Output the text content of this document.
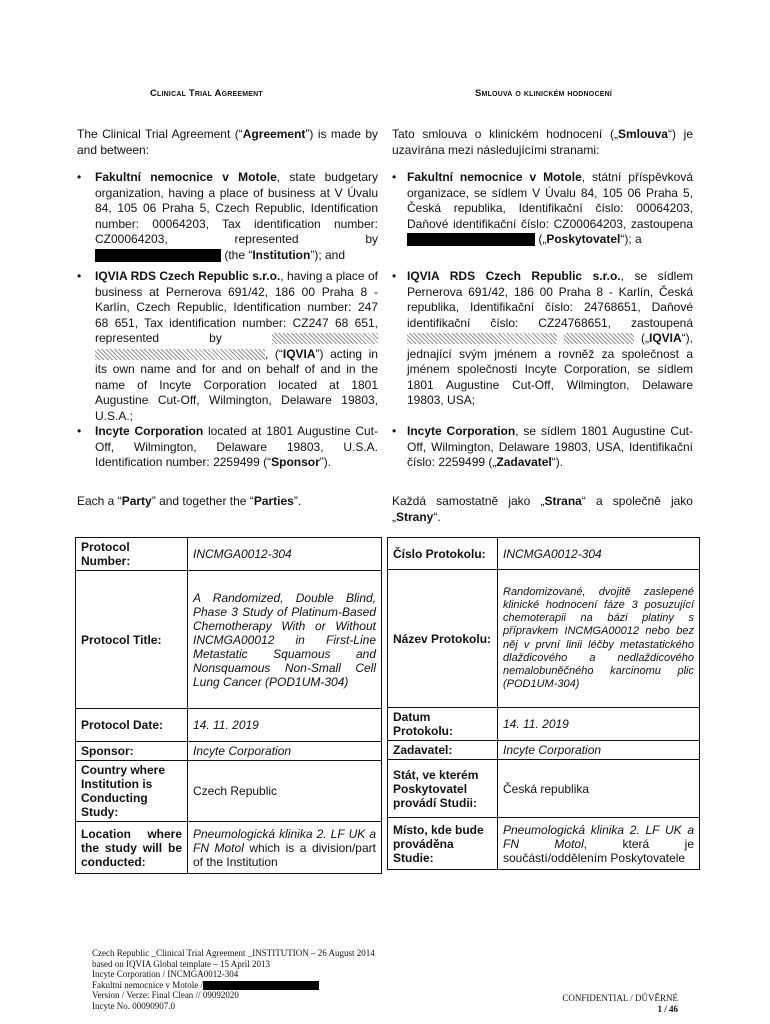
Clinical Trial Agreement	Smlouva o klinickém hodnocení
The Clinical Trial Agreement (“Agreement”) is made by and between:
Tato smlouva o klinickém hodnocení („Smlouva“) je uzavírána mezi následujícími stranami:
• Fakultní nemocnice v Motole, state budgetary organization, having a place of business at V Úvalu 84, 105 06 Praha 5, Czech Republic, Identification number: 00064203, Tax identification number: CZ00064203, represented by  (the “Institution”); and
• IQVIA RDS Czech Republic s.r.o., having a place of business at Pernerova 691/42, 186 00 Praha 8 - Karlín, Czech Republic, Identification number: 247 68 651, Tax identification number: CZ247 68 651, represented by  , (“IQVIA”) acting in its own name and for and on behalf of and in the name of Incyte Corporation located at 1801 Augustine Cut-Off, Wilmington, Delaware 19803, U.S.A.;
• Incyte Corporation located at 1801 Augustine Cut-Off, Wilmington, Delaware 19803, U.S.A. Identification number: 2259499 (“Sponsor”).
• Fakultní nemocnice v Motole, státní příspěvková organizace, se sídlem V Úvalu 84, 105 06 Praha 5, Česká republika, Identifikační číslo: 00064203, Daňové identifikační číslo: CZ00064203, zastoupena  („Poskytovatel“); a
• IQVIA RDS Czech Republic s.r.o., se sídlem Pernerova 691/42, 186 00 Praha 8 - Karlín, Česká republika, Identifikační číslo: 24768651, Daňové identifikační číslo: CZ24768651, zastoupená   („IQVIA“), jednající svým jménem a rovněž za společnost a jménem společnosti Incyte Corporation, se sídlem 1801 Augustine Cut-Off, Wilmington, Delaware 19803, USA;
• Incyte Corporation, se sídlem 1801 Augustine Cut-Off, Wilmington, Delaware 19803, USA, Identifikační číslo: 2259499 („Zadavatel“).
Each a “Party” and together the “Parties”.	Každá samostatně jako „Strana“ a společně jako „Strany“.
Protocol Number:	INCMGA0012-304
Protocol Title:	A Randomized, Double Blind, Phase 3 Study of Platinum-Based Chemotherapy With or Without INCMGA00012 in First-Line Metastatic Squamous and Nonsquamous Non-Small Cell Lung Cancer (POD1UM-304)
Protocol Date:	14. 11. 2019
Sponsor:	Incyte Corporation
Country where Institution is Conducting Study:	Czech Republic
Location where the study will be conducted:	Pneumologická klinika 2. LF UK a FN Motol which is a division/part of the Institution
Číslo Protokolu:	INCMGA0012-304
Název Protokolu:	Randomizované, dvojitě zaslepené klinické hodnocení fáze 3 posuzující chemoterapii na bázi platiny s přípravkem INCMGA00012 nebo bez něj v první linii léčby metastatického dlaždicového a nedlaždicového nemalobuněčného karcinomu plic (POD1UM-304)
Datum Protokolu:	14. 11. 2019
Zadavatel:	Incyte Corporation
Stát, ve kterém Poskytovatel provádí Studii:	Česká republika
Místo, kde bude prováděna Studie:	Pneumologická klinika 2. LF UK a FN Motol, která je součástí/oddělením Poskytovatele
Czech Republic _Clinical Trial Agreement _INSTITUTION – 26 August 2014
based on IQVIA Global template – 15 April 2013
Incyte Corporation / INCMGA0012-304
Fakultní nemocnice v Motole /
Version / Verze: Final Clean // 09092020
Incyte No. 00090907.0
CONFIDENTIAL / DŮVĚRNÉ
1 / 46
